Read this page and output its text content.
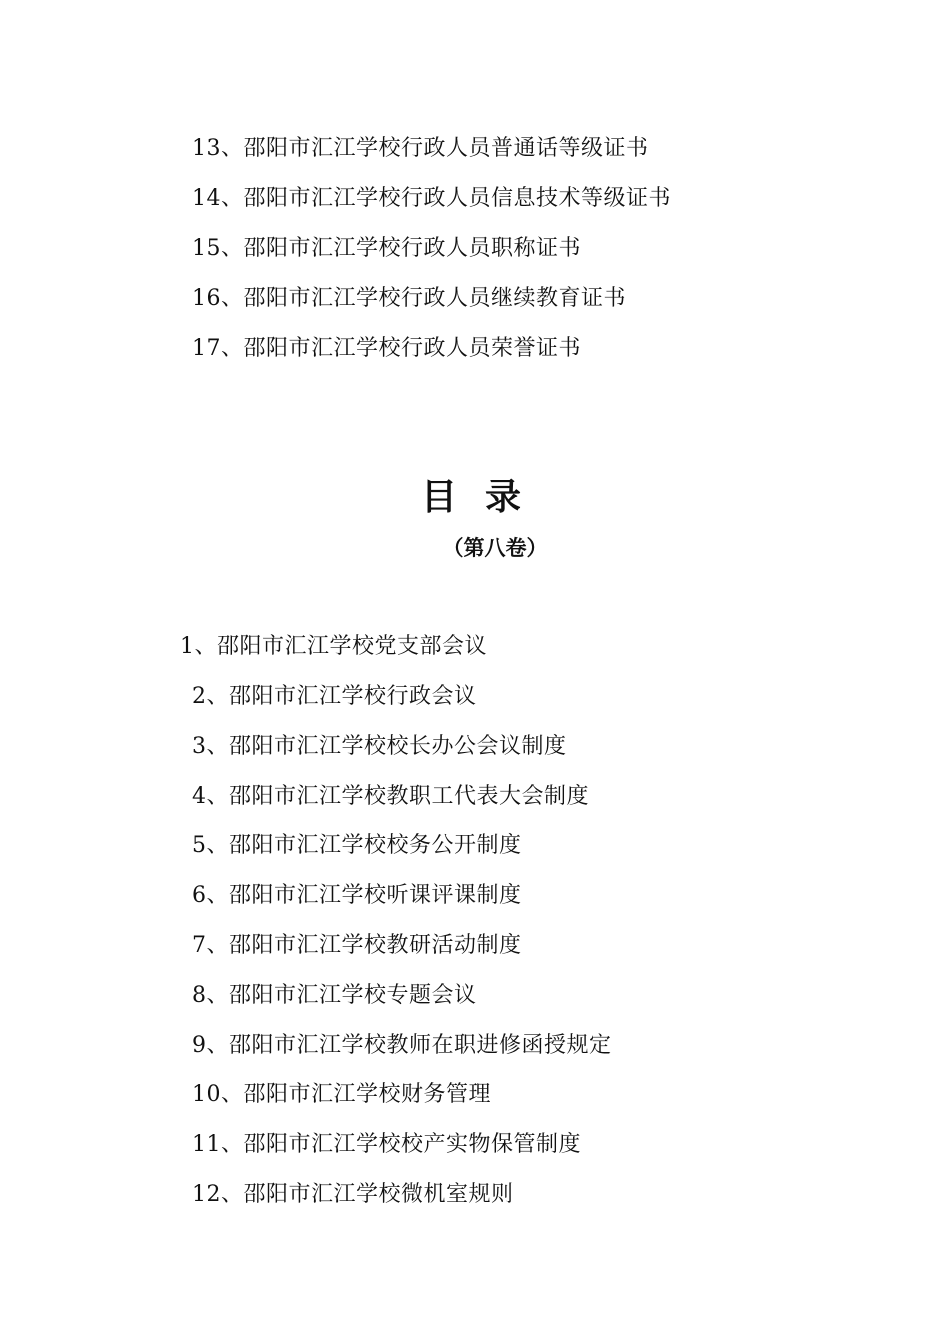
13、邵阳市汇江学校行政人员普通话等级证书
14、邵阳市汇江学校行政人员信息技术等级证书
15、邵阳市汇江学校行政人员职称证书
16、邵阳市汇江学校行政人员继续教育证书
17、邵阳市汇江学校行政人员荣誉证书
目录
（第八卷）
1、邵阳市汇江学校党支部会议
2、邵阳市汇江学校行政会议
3、邵阳市汇江学校校长办公会议制度
4、邵阳市汇江学校教职工代表大会制度
5、邵阳市汇江学校校务公开制度
6、邵阳市汇江学校听课评课制度
7、邵阳市汇江学校教研活动制度
8、邵阳市汇江学校专题会议
9、邵阳市汇江学校教师在职进修函授规定
10、邵阳市汇江学校财务管理
11、邵阳市汇江学校校产实物保管制度
12、邵阳市汇江学校微机室规则
